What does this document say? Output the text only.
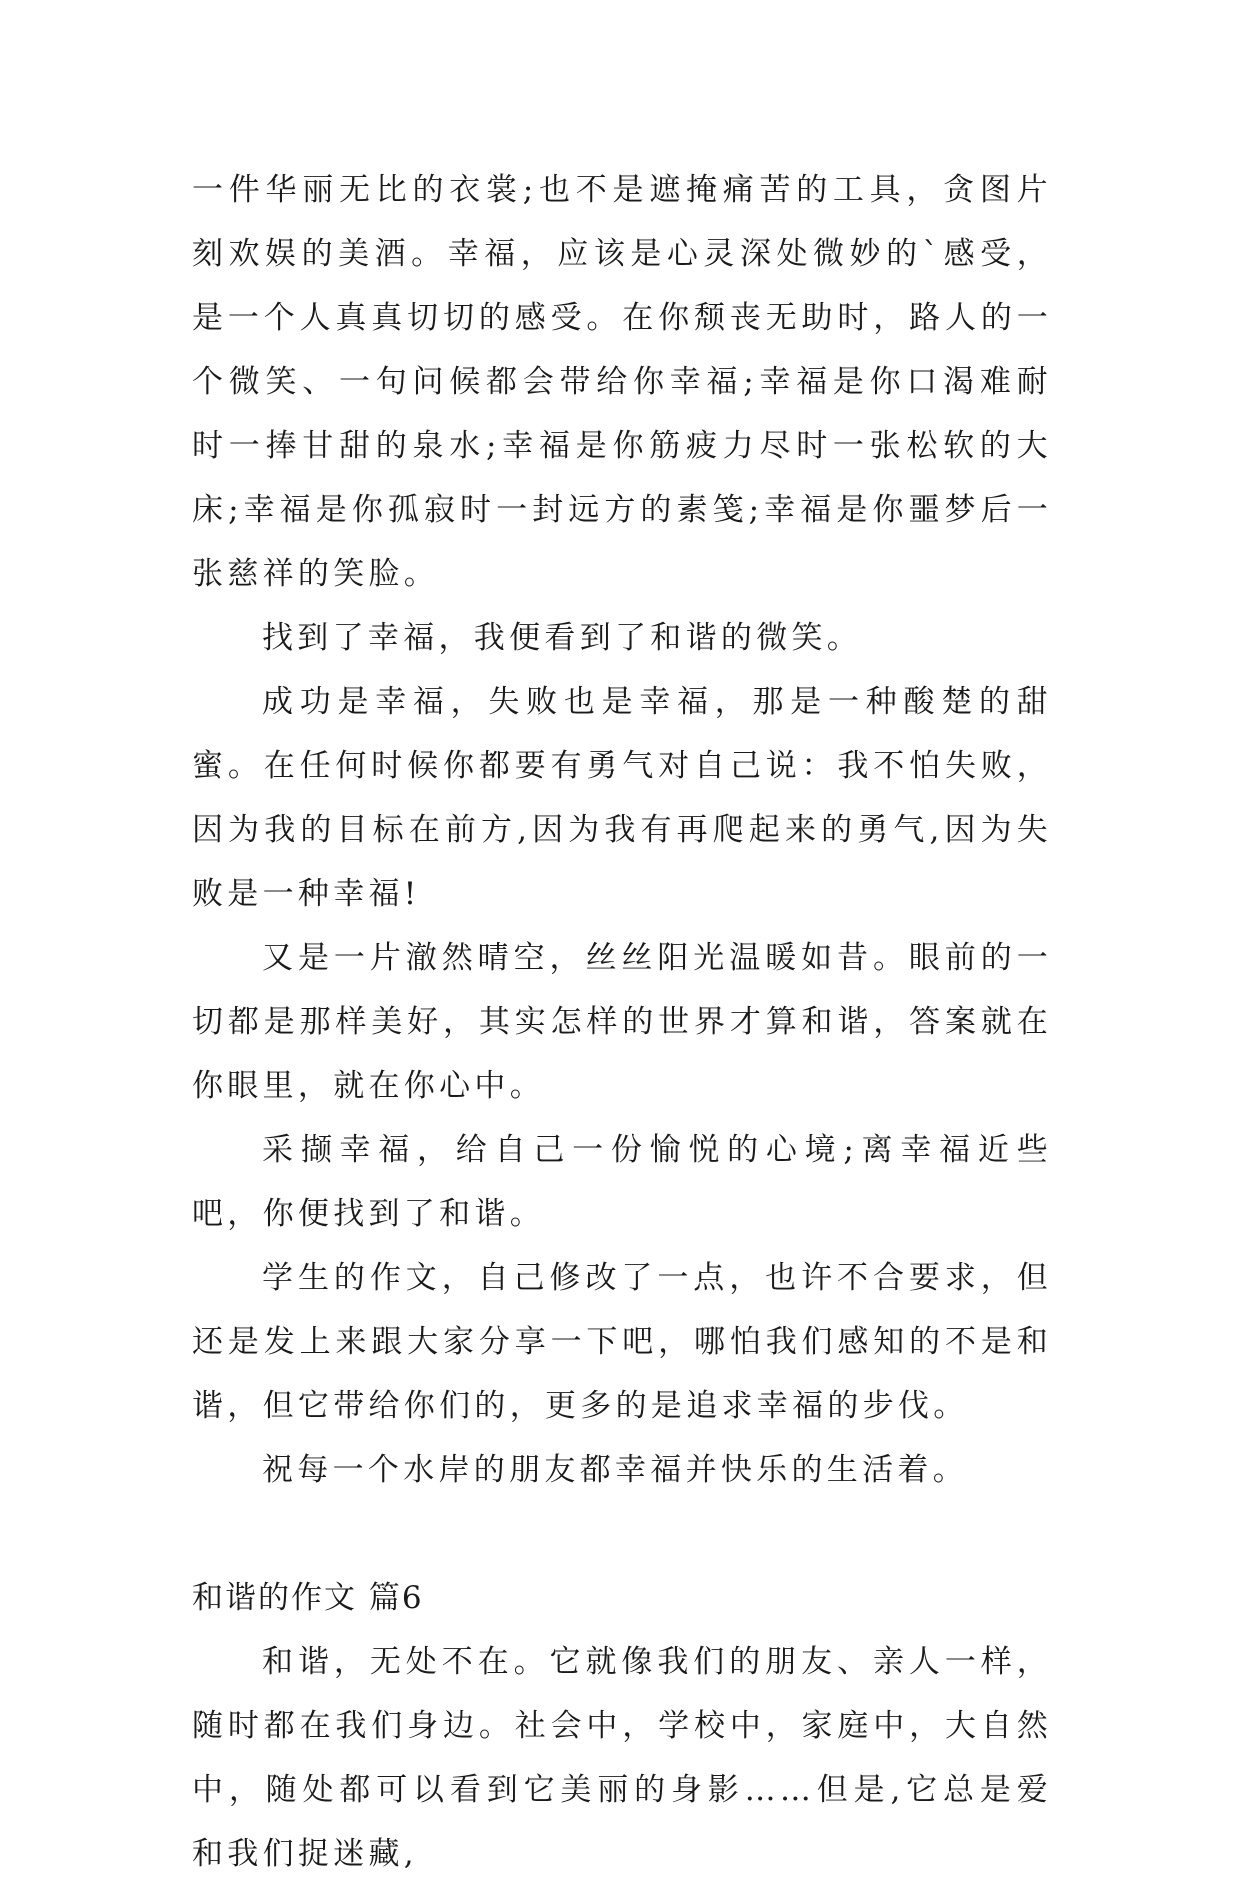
一件华丽无比的衣裳;也不是遮掩痛苦的工具，贪图片刻欢娱的美酒。幸福，应该是心灵深处微妙的`感受，是一个人真真切切的感受。在你颓丧无助时，路人的一个微笑、一句问候都会带给你幸福;幸福是你口渴难耐时一捧甘甜的泉水;幸福是你筋疲力尽时一张松软的大床;幸福是你孤寂时一封远方的素笺;幸福是你噩梦后一张慈祥的笑脸。

找到了幸福，我便看到了和谐的微笑。

成功是幸福，失败也是幸福，那是一种酸楚的甜蜜。在任何时候你都要有勇气对自己说：我不怕失败，因为我的目标在前方,因为我有再爬起来的勇气,因为失败是一种幸福!

又是一片澈然晴空，丝丝阳光温暖如昔。眼前的一切都是那样美好，其实怎样的世界才算和谐，答案就在你眼里，就在你心中。

采撷幸福，给自己一份愉悦的心境;离幸福近些吧，你便找到了和谐。

学生的作文，自己修改了一点，也许不合要求，但还是发上来跟大家分享一下吧，哪怕我们感知的不是和谐，但它带给你们的，更多的是追求幸福的步伐。

祝每一个水岸的朋友都幸福并快乐的生活着。

和谐的作文 篇6

和谐，无处不在。它就像我们的朋友、亲人一样，随时都在我们身边。社会中，学校中，家庭中，大自然中，随处都可以看到它美丽的身影……但是,它总是爱和我们捉迷藏,
